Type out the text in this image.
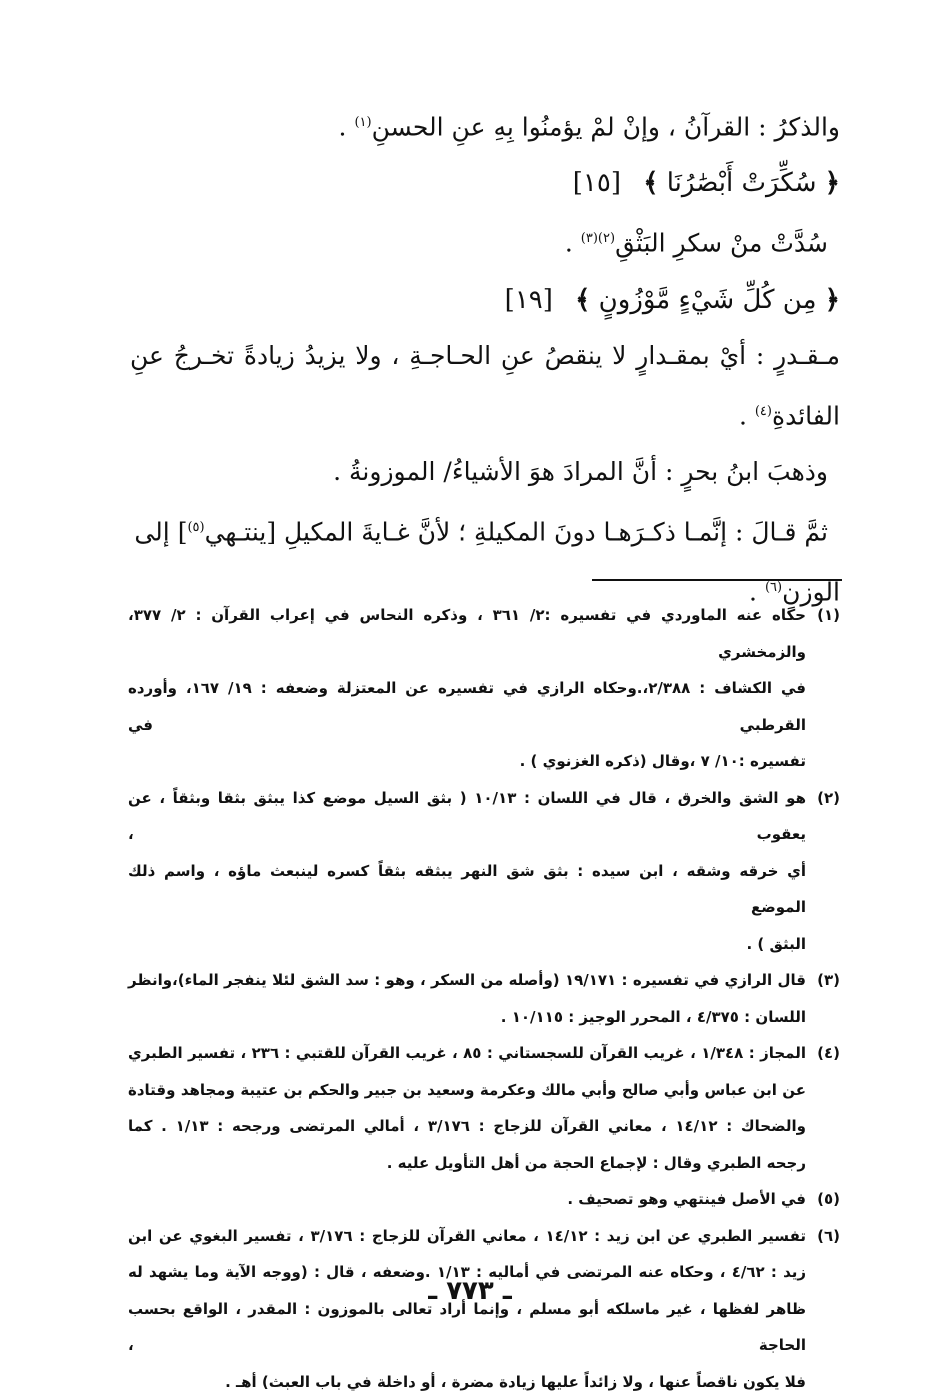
والذكرُ : القرآنُ ، وإنْ لمْ يؤمنُوا بِهِ عنِ الحسنِ$^{(١)}$ .
﴿ سُكِّرَتْ أَبْصَٰرُنَا ﴾ [١٥]
سُدَّتْ منْ سكرِ البَثْقِ$^{(٢)(٣)}$ .
﴿ مِن كُلِّ شَيْءٍ مَّوْزُونٍ ﴾ [١٩]
مـقـدرٍ : أيْ بمقـدارٍ لا ينقصُ عنِ الحـاجـةِ ، ولا يزيدُ زيادةً تخـرجُ عنِ
الفائدةِ$^{(٤)}$ .
وذهبَ ابنُ بحرٍ : أنَّ المرادَ هوَ الأشياءُ/ الموزونةُ .
ثمَّ قـالَ : إنَّمـا ذكـرَهـا دونَ المكيلةِ ؛ لأنَّ غـايةَ المكيلِ [ينتـهي$^{(٥)}$] إلى
الوزنِ$^{(٦)}$ .
(١)
حكاه عنه الماوردي في تفسيره :٢/ ٣٦١ ، وذكره النحاس في إعراب القرآن : ٢/ ٣٧٧، والزمخشري
في الكشاف : ٢/٣٨٨،.وحكاه الرازي في تفسيره عن المعتزلة وضعفه : ١٩/ ١٦٧، وأورده القرطبي في
تفسيره :١٠/ ٧ ،وقال (ذكره الغزنوي ) .
(٢)
هو الشق والخرق ، قال في اللسان : ١٠/١٣ ( بثق السيل موضع كذا يبثق بثقا وبثقاً ، عن يعقوب ،
أي خرقه وشقه ، ابن سيده : بثق شق النهر يبثقه بثقاً كسره لينبعث ماؤه ، واسم ذلك الموضع
البثق ) .
(٣)
قال الرازي في تفسيره : ١٩/١٧١ (وأصله من السكر ، وهو : سد الشق لئلا ينفجر الماء)،وانظر
اللسان : ٤/٣٧٥ ، المحرر الوجيز : ١٠/١١٥ .
(٤)
المجاز : ١/٣٤٨ ، غريب القرآن للسجستاني : ٨٥ ، غريب القرآن للقتبي : ٢٣٦ ، تفسير الطبري
عن ابن عباس وأبي صالح وأبي مالك وعكرمة وسعيد بن جبير والحكم بن عتيبة ومجاهد وقتادة
والضحاك : ١٤/١٢ ، معاني القرآن للزجاج : ٣/١٧٦ ، أمالي المرتضى ورجحه : ١/١٣ . كما
رجحه الطبري وقال : لإجماع الحجة من أهل التأويل عليه .
(٥)
في الأصل فينتهي وهو تصحيف .
(٦)
تفسير الطبري عن ابن زيد : ١٤/١٢ ، معاني القرآن للزجاج : ٣/١٧٦ ، تفسير البغوي عن ابن
زيد : ٤/٦٢ ، وحكاه عنه المرتضى في أماليه : ١/١٣ .وضعفه ، قال : (ووجه الآية وما يشهد له
ظاهر لفظها ، غير ماسلكه أبو مسلم ، وإنما أراد تعالى بالموزون : المقدر ، الواقع بحسب الحاجة ،
فلا يكون ناقصاً عنها ، ولا زائداً عليها زيادة مضرة ، أو داخلة في باب العبث) أهـ .
ـ ٧٧٣ ـ
